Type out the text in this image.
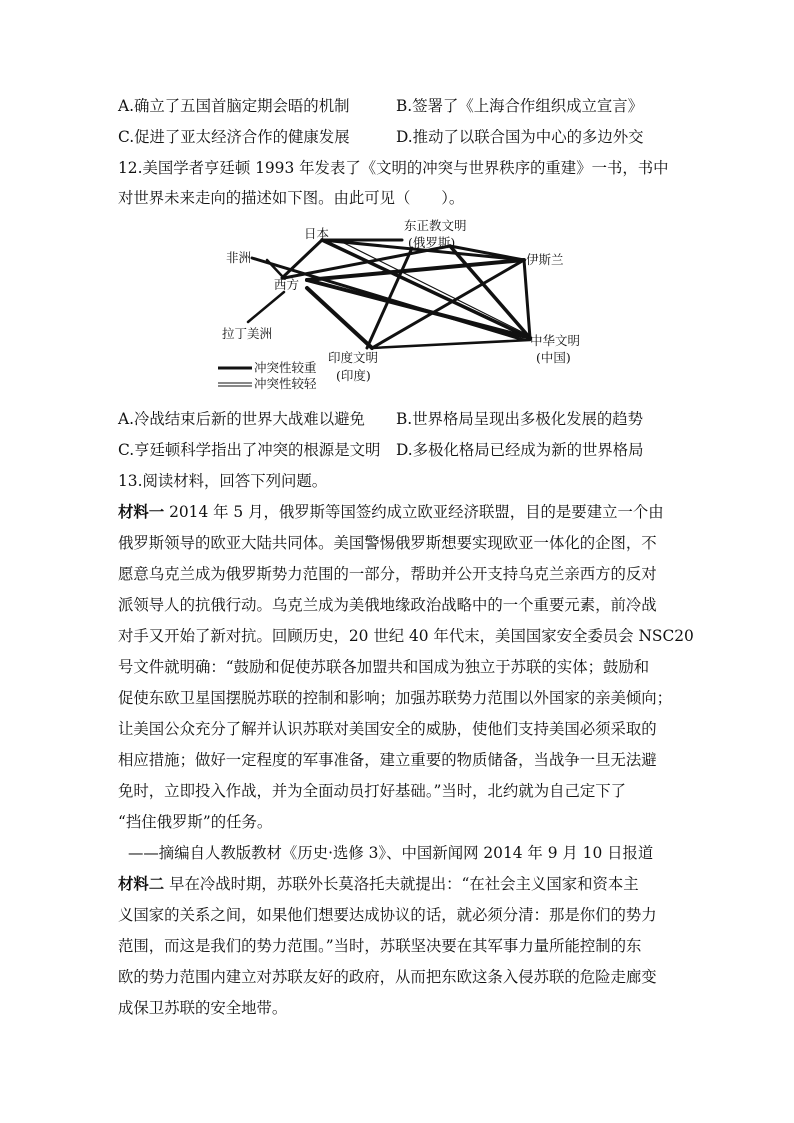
A.确立了五国首脑定期会晤的机制	B.签署了《上海合作组织成立宣言》
C.促进了亚太经济合作的健康发展	D.推动了以联合国为中心的多边外交
12.美国学者亨廷顿 1993 年发表了《文明的冲突与世界秩序的重建》一书，书中
对世界未来走向的描述如下图。由此可见（　　）。
日本
东正教文明
(俄罗斯)
非洲	伊斯兰
西方
拉丁美洲
印度文明
(印度)
中华文明
(中国)
冲突性较重
冲突性较轻
A.冷战结束后新的世界大战难以避免 B.世界格局呈现出多极化发展的趋势
C.亨廷顿科学指出了冲突的根源是文明 D.多极化格局已经成为新的世界格局
13.阅读材料，回答下列问题。
材料一 2014 年 5 月，俄罗斯等国签约成立欧亚经济联盟，目的是要建立一个由
俄罗斯领导的欧亚大陆共同体。美国警惕俄罗斯想要实现欧亚一体化的企图，不
愿意乌克兰成为俄罗斯势力范围的一部分，帮助并公开支持乌克兰亲西方的反对
派领导人的抗俄行动。乌克兰成为美俄地缘政治战略中的一个重要元素，前冷战
对手又开始了新对抗。回顾历史，20 世纪 40 年代末，美国国家安全委员会 NSC20
号文件就明确：“鼓励和促使苏联各加盟共和国成为独立于苏联的实体；鼓励和
促使东欧卫星国摆脱苏联的控制和影响；加强苏联势力范围以外国家的亲美倾向；
让美国公众充分了解并认识苏联对美国安全的威胁，使他们支持美国必须采取的
相应措施；做好一定程度的军事准备，建立重要的物质储备，当战争一旦无法避
免时，立即投入作战，并为全面动员打好基础。”当时，北约就为自己定下了
“挡住俄罗斯”的任务。
——摘编自人教版教材《历史·选修 3》、中国新闻网 2014 年 9 月 10 日报道
材料二 早在冷战时期，苏联外长莫洛托夫就提出：“在社会主义国家和资本主
义国家的关系之间，如果他们想要达成协议的话，就必须分清：那是你们的势力
范围，而这是我们的势力范围。”当时，苏联坚决要在其军事力量所能控制的东
欧的势力范围内建立对苏联友好的政府，从而把东欧这条入侵苏联的危险走廊变
成保卫苏联的安全地带。
